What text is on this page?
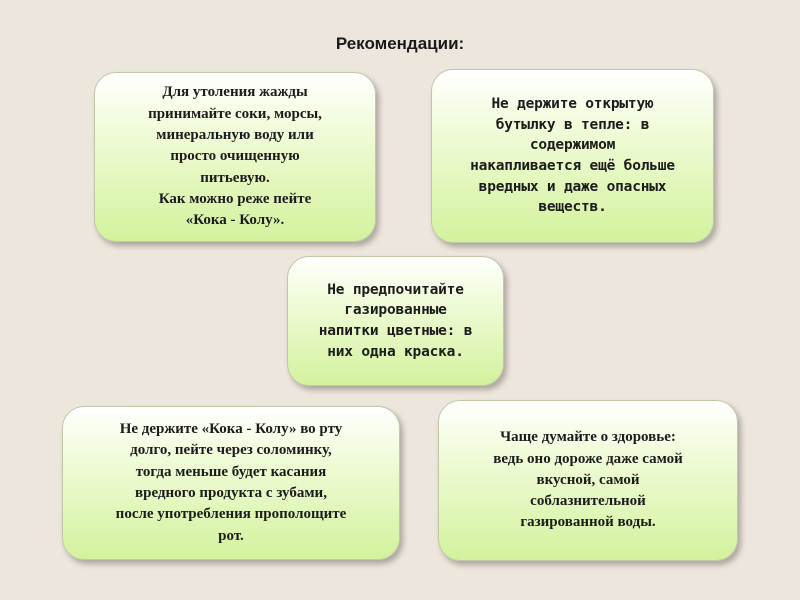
Рекомендации:

Для утоления жажды
принимайте соки, морсы,
минеральную воду или
просто очищенную
питьевую.
Как можно реже пейте
«Кока - Колу».

Не держите открытую
бутылку в тепле: в
содержимом
накапливается ещё больше
вредных и даже опасных
веществ.

Не предпочитайте
газированные
напитки цветные: в
них одна краска.

Не держите «Кока - Колу» во рту
долго, пейте через соломинку,
тогда меньше будет касания
вредного продукта с зубами,
после употребления прополощите
рот.

Чаще думайте о здоровье:
ведь оно дороже даже самой
вкусной, самой
соблазнительной
газированной воды.
